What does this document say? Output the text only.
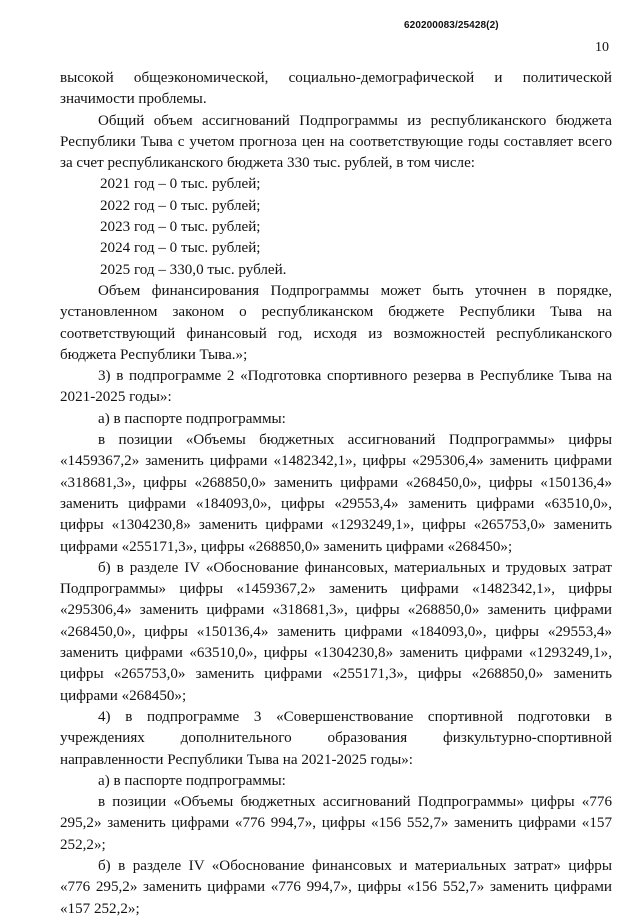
620200083/25428(2)
10

высокой общеэкономической, социально-демографической и политической значимости проблемы.

Общий объем ассигнований Подпрограммы из республиканского бюджета Республики Тыва с учетом прогноза цен на соответствующие годы составляет всего за счет республиканского бюджета 330 тыс. рублей, в том числе:

2021 год – 0 тыс. рублей;

2022 год – 0 тыс. рублей;

2023 год – 0 тыс. рублей;

2024 год – 0 тыс. рублей;

2025 год – 330,0 тыс. рублей.

Объем финансирования Подпрограммы может быть уточнен в порядке, установленном законом о республиканском бюджете Республики Тыва на соответствующий финансовый год, исходя из возможностей республиканского бюджета Республики Тыва.»;

3) в подпрограмме 2 «Подготовка спортивного резерва в Республике Тыва на 2021-2025 годы»:

а) в паспорте подпрограммы:

в позиции «Объемы бюджетных ассигнований Подпрограммы» цифры «1459367,2» заменить цифрами «1482342,1», цифры «295306,4» заменить цифрами «318681,3», цифры «268850,0» заменить цифрами «268450,0», цифры «150136,4» заменить цифрами «184093,0», цифры «29553,4» заменить цифрами «63510,0», цифры «1304230,8» заменить цифрами «1293249,1», цифры «265753,0» заменить цифрами «255171,3», цифры «268850,0» заменить цифрами «268450»;

б) в разделе IV «Обоснование финансовых, материальных и трудовых затрат Подпрограммы» цифры «1459367,2» заменить цифрами «1482342,1», цифры «295306,4» заменить цифрами «318681,3», цифры «268850,0» заменить цифрами «268450,0», цифры «150136,4» заменить цифрами «184093,0», цифры «29553,4» заменить цифрами «63510,0», цифры «1304230,8» заменить цифрами «1293249,1», цифры «265753,0» заменить цифрами «255171,3», цифры «268850,0» заменить цифрами «268450»;

4) в подпрограмме 3 «Совершенствование спортивной подготовки в учреждениях дополнительного образования физкультурно-спортивной направленности Республики Тыва на 2021-2025 годы»:

а) в паспорте подпрограммы:

в позиции «Объемы бюджетных ассигнований Подпрограммы» цифры «776 295,2» заменить цифрами «776 994,7», цифры «156 552,7» заменить цифрами «157 252,2»;

б) в разделе IV «Обоснование финансовых и материальных затрат» цифры «776 295,2» заменить цифрами «776 994,7», цифры «156 552,7» заменить цифрами «157 252,2»;
